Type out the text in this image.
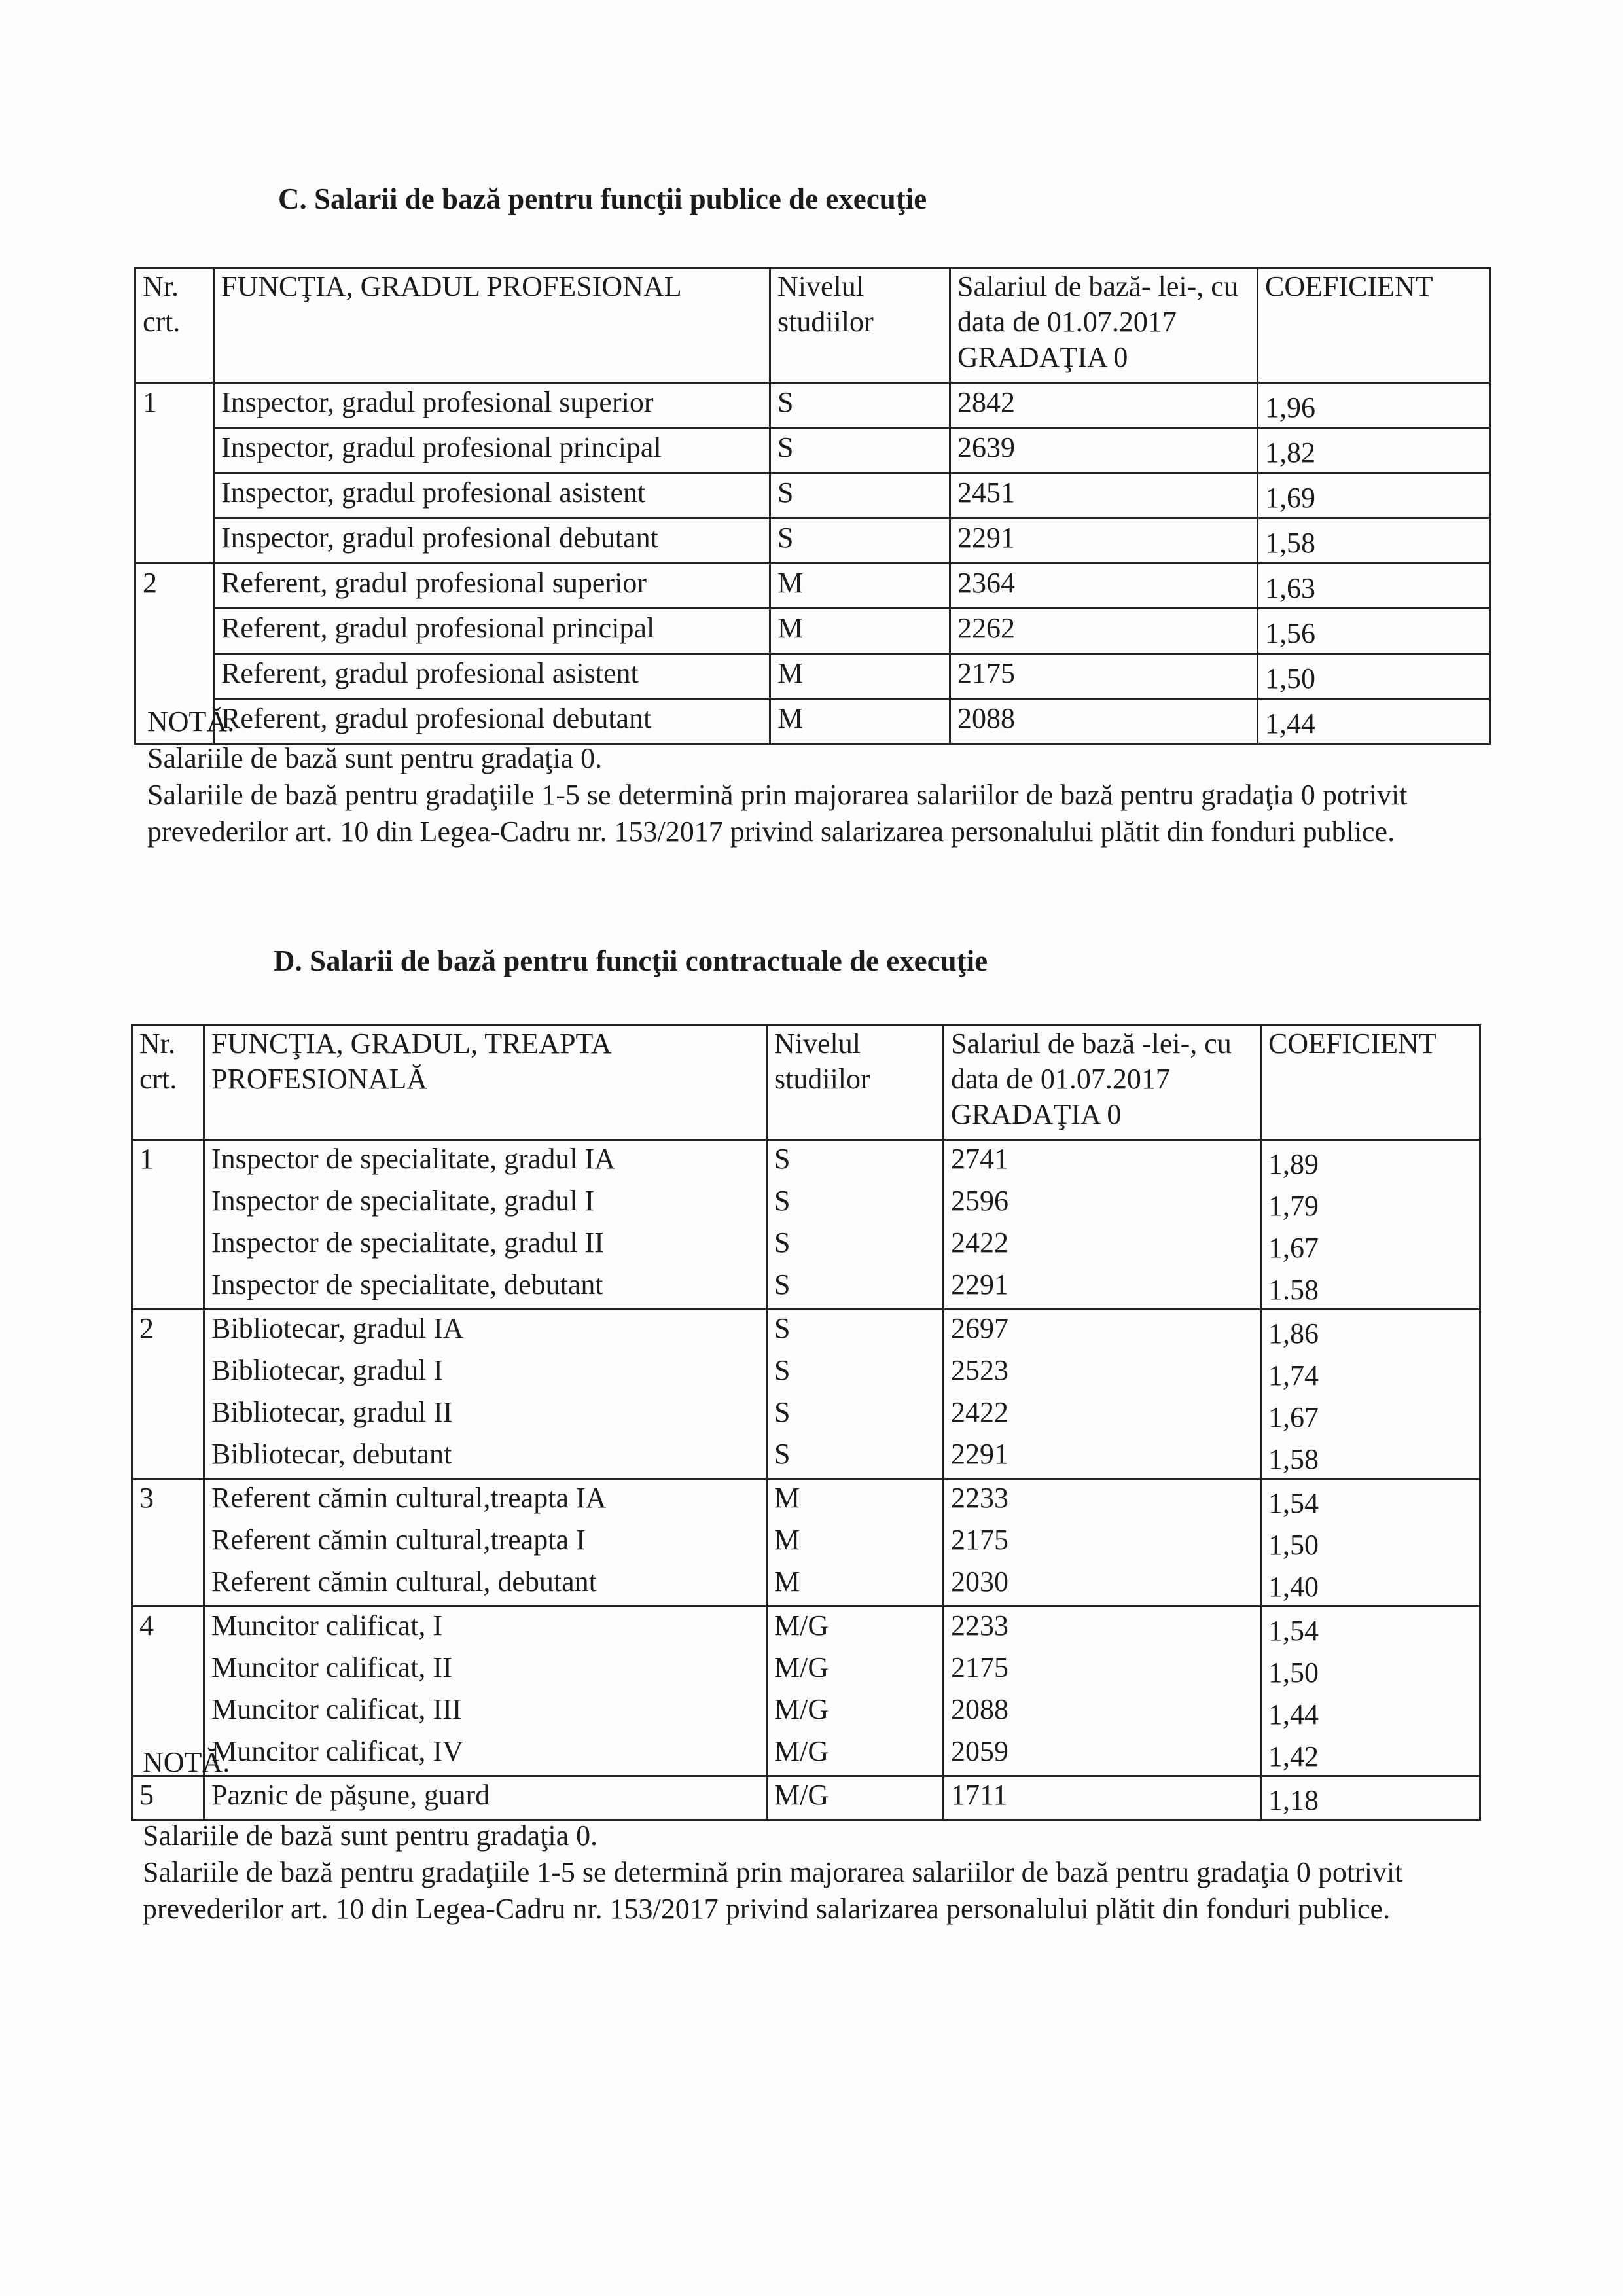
C. Salarii de bază pentru funcţii publice de execuţie
Nr. crt.	FUNCŢIA, GRADUL PROFESIONAL	Nivelul studiilor	Salariul de bază- lei-, cu data de 01.07.2017 GRADAŢIA 0	COEFICIENT
1	Inspector, gradul profesional superior	S	2842	1,96
	Inspector, gradul profesional principal	S	2639	1,82
	Inspector, gradul profesional asistent	S	2451	1,69
	Inspector, gradul profesional debutant	S	2291	1,58
2	Referent, gradul profesional superior	M	2364	1,63
	Referent, gradul profesional principal	M	2262	1,56
	Referent, gradul profesional asistent	M	2175	1,50
	Referent, gradul profesional debutant	M	2088	1,44

NOTĂ.

Salariile de bază sunt pentru gradaţia 0.

Salariile de bază pentru gradaţiile 1-5 se determină prin majorarea salariilor de bază pentru gradaţia 0 potrivit prevederilor art. 10 din Legea-Cadru nr. 153/2017 privind salarizarea personalului plătit din fonduri publice.

D. Salarii de bază pentru funcţii contractuale de execuţie
Nr. crt.	FUNCŢIA, GRADUL, TREAPTA PROFESIONALĂ	Nivelul studiilor	Salariul de bază -lei-, cu data de 01.07.2017 GRADAŢIA 0	COEFICIENT
1	Inspector de specialitate, gradul IA	S	2741	1,89
	Inspector de specialitate, gradul I	S	2596	1,79
	Inspector de specialitate, gradul II	S	2422	1,67
	Inspector de specialitate, debutant	S	2291	1.58
2	Bibliotecar, gradul IA	S	2697	1,86
	Bibliotecar, gradul I	S	2523	1,74
	Bibliotecar, gradul II	S	2422	1,67
	Bibliotecar, debutant	S	2291	1,58
3	Referent cămin cultural,treapta IA	M	2233	1,54
	Referent cămin cultural,treapta I	M	2175	1,50
	Referent cămin cultural, debutant	M	2030	1,40
4	Muncitor calificat, I	M/G	2233	1,54
	Muncitor calificat, II	M/G	2175	1,50
	Muncitor calificat, III	M/G	2088	1,44
	Muncitor calificat, IV	M/G	2059	1,42
5	Paznic de păşune, guard	M/G	1711	1,18

NOTĂ.

Salariile de bază sunt pentru gradaţia 0.

Salariile de bază pentru gradaţiile 1-5 se determină prin majorarea salariilor de bază pentru gradaţia 0 potrivit prevederilor art. 10 din Legea-Cadru nr. 153/2017 privind salarizarea personalului plătit din fonduri publice.
